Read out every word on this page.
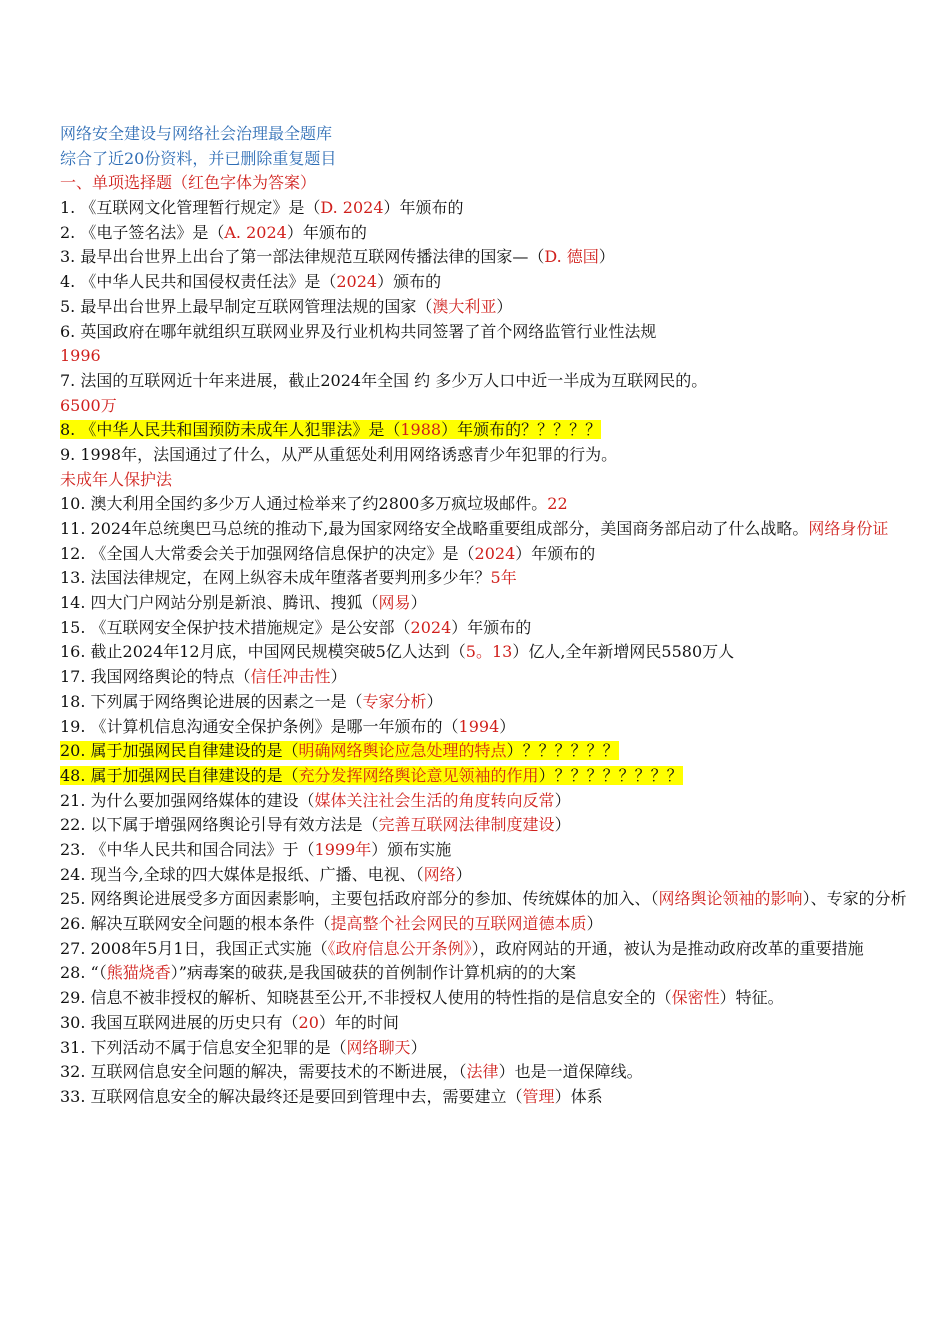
网络安全建设与网络社会治理最全题库
综合了近20份资料，并已删除重复题目
一、单项选择题（红色字体为答案）
1. 《互联网文化管理暂行规定》是（D. 2024）年颁布的
2. 《电子签名法》是（A. 2024）年颁布的
3. 最早出台世界上出台了第一部法律规范互联网传播法律的国家—（D. 德国）
4. 《中华人民共和国侵权责任法》是（2024）颁布的
5. 最早出台世界上最早制定互联网管理法规的国家（澳大利亚）
6. 英国政府在哪年就组织互联网业界及行业机构共同签署了首个网络监管行业性法规
1996
7. 法国的互联网近十年来进展，截止2024年全国 约 多少万人口中近一半成为互联网民的。
6500万
8. 《中华人民共和国预防未成年人犯罪法》是（1988）年颁布的？？？？？
9. 1998年，法国通过了什么，从严从重惩处利用网络诱惑青少年犯罪的行为。
未成年人保护法
10. 澳大利用全国约多少万人通过检举来了约2800多万疯垃圾邮件。22
11. 2024年总统奥巴马总统的推动下,最为国家网络安全战略重要组成部分，美国商务部启动了什么战略。网络身份证
12. 《全国人大常委会关于加强网络信息保护的决定》是（2024）年颁布的
13. 法国法律规定，在网上纵容未成年堕落者要判刑多少年？5年
14. 四大门户网站分别是新浪、腾讯、搜狐（网易）
15. 《互联网安全保护技术措施规定》是公安部（2024）年颁布的
16. 截止2024年12月底，中国网民规模突破5亿人达到（5。13）亿人,全年新增网民5580万人
17. 我国网络舆论的特点（信任冲击性）
18. 下列属于网络舆论进展的因素之一是（专家分析）
19. 《计算机信息沟通安全保护条例》是哪一年颁布的（1994）
20. 属于加强网民自律建设的是（明确网络舆论应急处理的特点）？？？？？？
48. 属于加强网民自律建设的是（充分发挥网络舆论意见领袖的作用）？？？？？？？？
21. 为什么要加强网络媒体的建设（媒体关注社会生活的角度转向反常）
22. 以下属于增强网络舆论引导有效方法是（完善互联网法律制度建设）
23. 《中华人民共和国合同法》于（1999年）颁布实施
24. 现当今,全球的四大媒体是报纸、广播、电视、（网络）
25. 网络舆论进展受多方面因素影响，主要包括政府部分的参加、传统媒体的加入、（网络舆论领袖的影响）、专家的分析
26. 解决互联网安全问题的根本条件（提高整个社会网民的互联网道德本质）
27. 2008年5月1日，我国正式实施（《政府信息公开条例》），政府网站的开通，被认为是推动政府改革的重要措施
28. “（熊猫烧香）”病毒案的破获,是我国破获的首例制作计算机病的的大案
29. 信息不被非授权的解析、知晓甚至公开,不非授权人使用的特性指的是信息安全的（保密性）特征。
30. 我国互联网进展的历史只有（20）年的时间
31. 下列活动不属于信息安全犯罪的是（网络聊天）
32. 互联网信息安全问题的解决，需要技术的不断进展，（法律）也是一道保障线。
33. 互联网信息安全的解决最终还是要回到管理中去，需要建立（管理）体系
